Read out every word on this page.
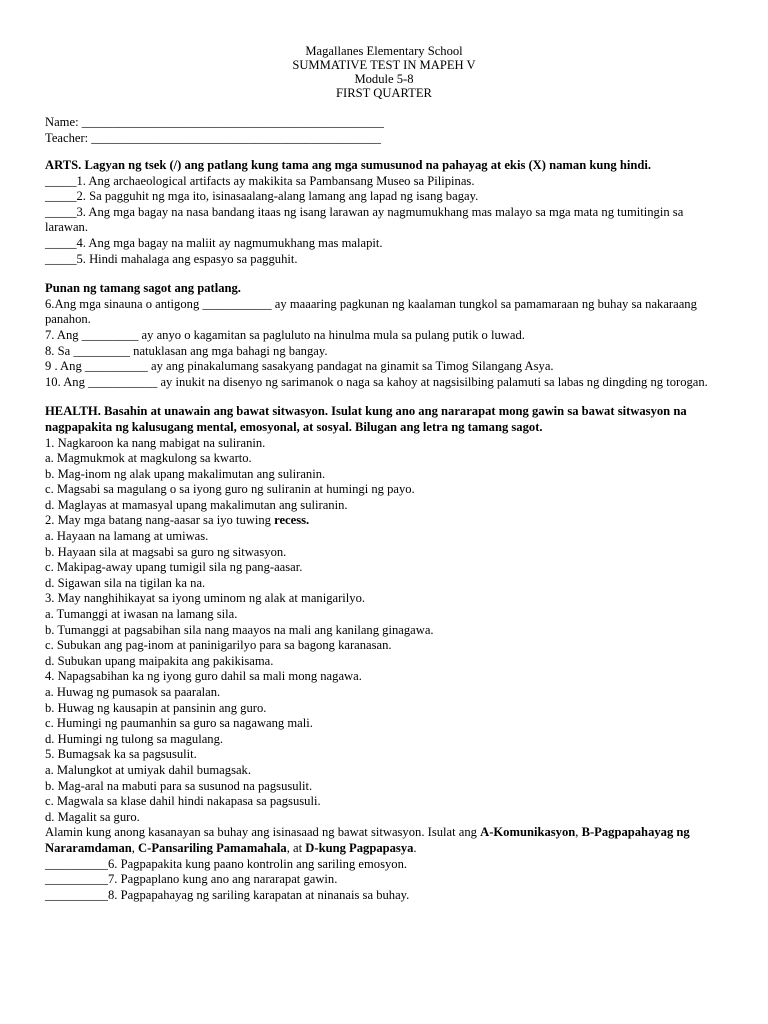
Magallanes Elementary School
SUMMATIVE TEST IN MAPEH V
Module 5-8
FIRST QUARTER
Name: ________________________________________________
Teacher: ______________________________________________
ARTS. Lagyan ng tsek (/) ang patlang kung tama ang mga sumusunod na pahayag at ekis (X) naman kung hindi.
_____1. Ang archaeological artifacts ay makikita sa Pambansang Museo sa Pilipinas.
_____2. Sa pagguhit ng mga ito, isinasaalang-alang lamang ang lapad ng isang bagay.
_____3. Ang mga bagay na nasa bandang itaas ng isang larawan ay nagmumukhang mas malayo sa mga mata ng tumitingin sa larawan.
_____4. Ang mga bagay na maliit ay nagmumukhang mas malapit.
_____5. Hindi mahalaga ang espasyo sa pagguhit.
Punan ng tamang sagot ang patlang.
6.Ang mga sinauna o antigong ___________ ay maaaring pagkunan ng kaalaman tungkol sa pamamaraan ng buhay sa nakaraang panahon.
7. Ang _________ ay anyo o kagamitan sa pagluluto na hinulma mula sa pulang putik o luwad.
8. Sa _________ natuklasan ang mga bahagi ng bangay.
9 . Ang __________ ay ang pinakalumang sasakyang pandagat na ginamit sa Timog Silangang Asya.
10. Ang ___________ ay inukit na disenyo ng sarimanok o naga sa kahoy at nagsisilbing palamuti sa labas ng dingding ng torogan.
HEALTH. Basahin at unawain ang bawat sitwasyon. Isulat kung ano ang nararapat mong gawin sa bawat sitwasyon na nagpapakita ng kalusugang mental, emosyonal, at sosyal. Bilugan ang letra ng tamang sagot.
1. Nagkaroon ka nang mabigat na suliranin.
a. Magmukmok at magkulong sa kwarto.
b. Mag-inom ng alak upang makalimutan ang suliranin.
c. Magsabi sa magulang o sa iyong guro ng suliranin at humingi ng payo.
d. Maglayas at mamasyal upang makalimutan ang suliranin.
2. May mga batang nang-aasar sa iyo tuwing recess.
a. Hayaan na lamang at umiwas.
b. Hayaan sila at magsabi sa guro ng sitwasyon.
c. Makipag-away upang tumigil sila ng pang-aasar.
d. Sigawan sila na tigilan ka na.
3. May nanghihikayat sa iyong uminom ng alak at manigarilyo.
a. Tumanggi at iwasan na lamang sila.
b. Tumanggi at pagsabihan sila nang maayos na mali ang kanilang ginagawa.
c. Subukan ang pag-inom at paninigarilyo para sa bagong karanasan.
d. Subukan upang maipakita ang pakikisama.
4. Napagsabihan ka ng iyong guro dahil sa mali mong nagawa.
a. Huwag ng pumasok sa paaralan.
b. Huwag ng kausapin at pansinin ang guro.
c. Humingi ng paumanhin sa guro sa nagawang mali.
d. Humingi ng tulong sa magulang.
5. Bumagsak ka sa pagsusulit.
a. Malungkot at umiyak dahil bumagsak.
b. Mag-aral na mabuti para sa susunod na pagsusulit.
c. Magwala sa klase dahil hindi nakapasa sa pagsusuli.
d. Magalit sa guro.
Alamin kung anong kasanayan sa buhay ang isinasaad ng bawat sitwasyon. Isulat ang A-Komunikasyon, B-Pagpapahayag ng Nararamdaman, C-Pansariling Pamamahala, at D-kung Pagpapasya.
__________6. Pagpapakita kung paano kontrolin ang sariling emosyon.
__________7. Pagpaplano kung ano ang nararapat gawin.
__________8. Pagpapahayag ng sariling karapatan at ninanais sa buhay.
